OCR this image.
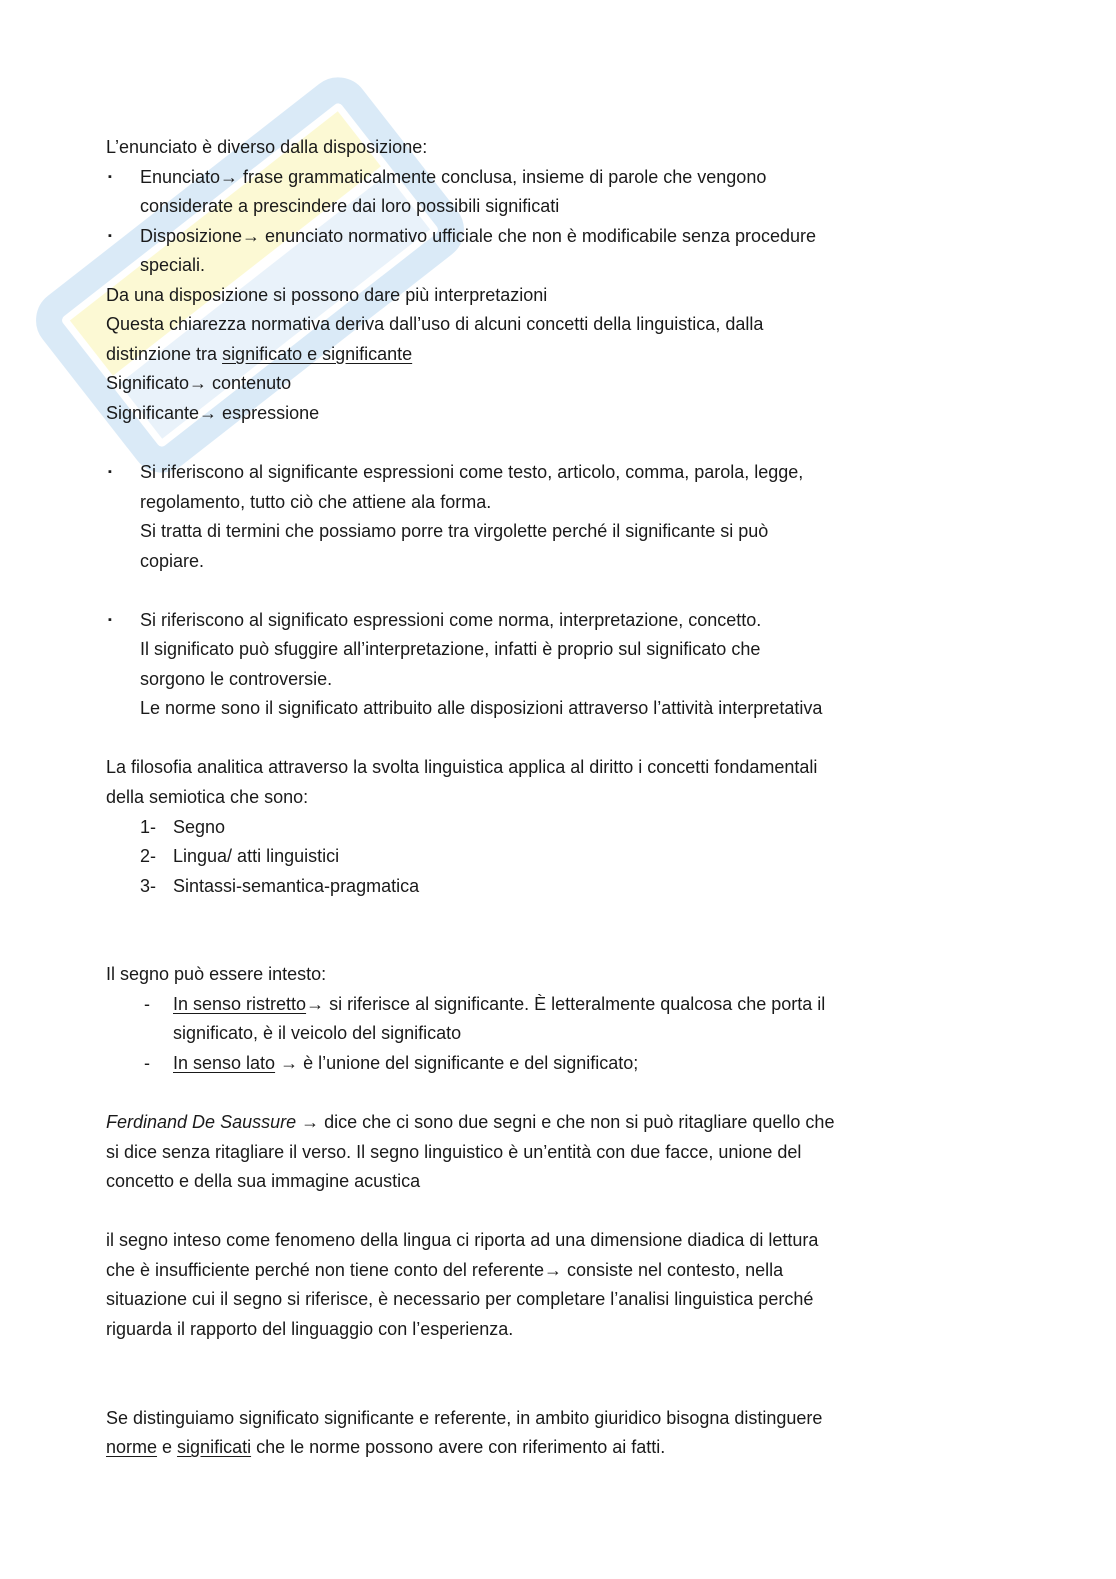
L’enunciato è diverso dalla disposizione:
▪ Enunciato→ frase grammaticalmente conclusa, insieme di parole che vengono
considerate a prescindere dai loro possibili significati
▪ Disposizione→ enunciato normativo ufficiale che non è modificabile senza procedure
speciali.
Da una disposizione si possono dare più interpretazioni
Questa chiarezza normativa deriva dall’uso di alcuni concetti della linguistica, dalla
distinzione tra significato e significante
Significato→ contenuto
Significante→ espressione
▪ Si riferiscono al significante espressioni come testo, articolo, comma, parola, legge,
regolamento, tutto ciò che attiene ala forma.
Si tratta di termini che possiamo porre tra virgolette perché il significante si può
copiare.
▪ Si riferiscono al significato espressioni come norma, interpretazione, concetto.
Il significato può sfuggire all’interpretazione, infatti è proprio sul significato che
sorgono le controversie.
Le norme sono il significato attribuito alle disposizioni attraverso l’attività interpretativa
La filosofia analitica attraverso la svolta linguistica applica al diritto i concetti fondamentali
della semiotica che sono:
1- Segno
2- Lingua/ atti linguistici
3- Sintassi-semantica-pragmatica
Il segno può essere intesto:
- In senso ristretto→ si riferisce al significante. È letteralmente qualcosa che porta il
significato, è il veicolo del significato
- In senso lato → è l’unione del significante e del significato;
Ferdinand De Saussure → dice che ci sono due segni e che non si può ritagliare quello che
si dice senza ritagliare il verso. Il segno linguistico è un’entità con due facce, unione del
concetto e della sua immagine acustica
il segno inteso come fenomeno della lingua ci riporta ad una dimensione diadica di lettura
che è insufficiente perché non tiene conto del referente→ consiste nel contesto, nella
situazione cui il segno si riferisce, è necessario per completare l’analisi linguistica perché
riguarda il rapporto del linguaggio con l’esperienza.
Se distinguiamo significato significante e referente, in ambito giuridico bisogna distinguere
norme e significati che le norme possono avere con riferimento ai fatti.
